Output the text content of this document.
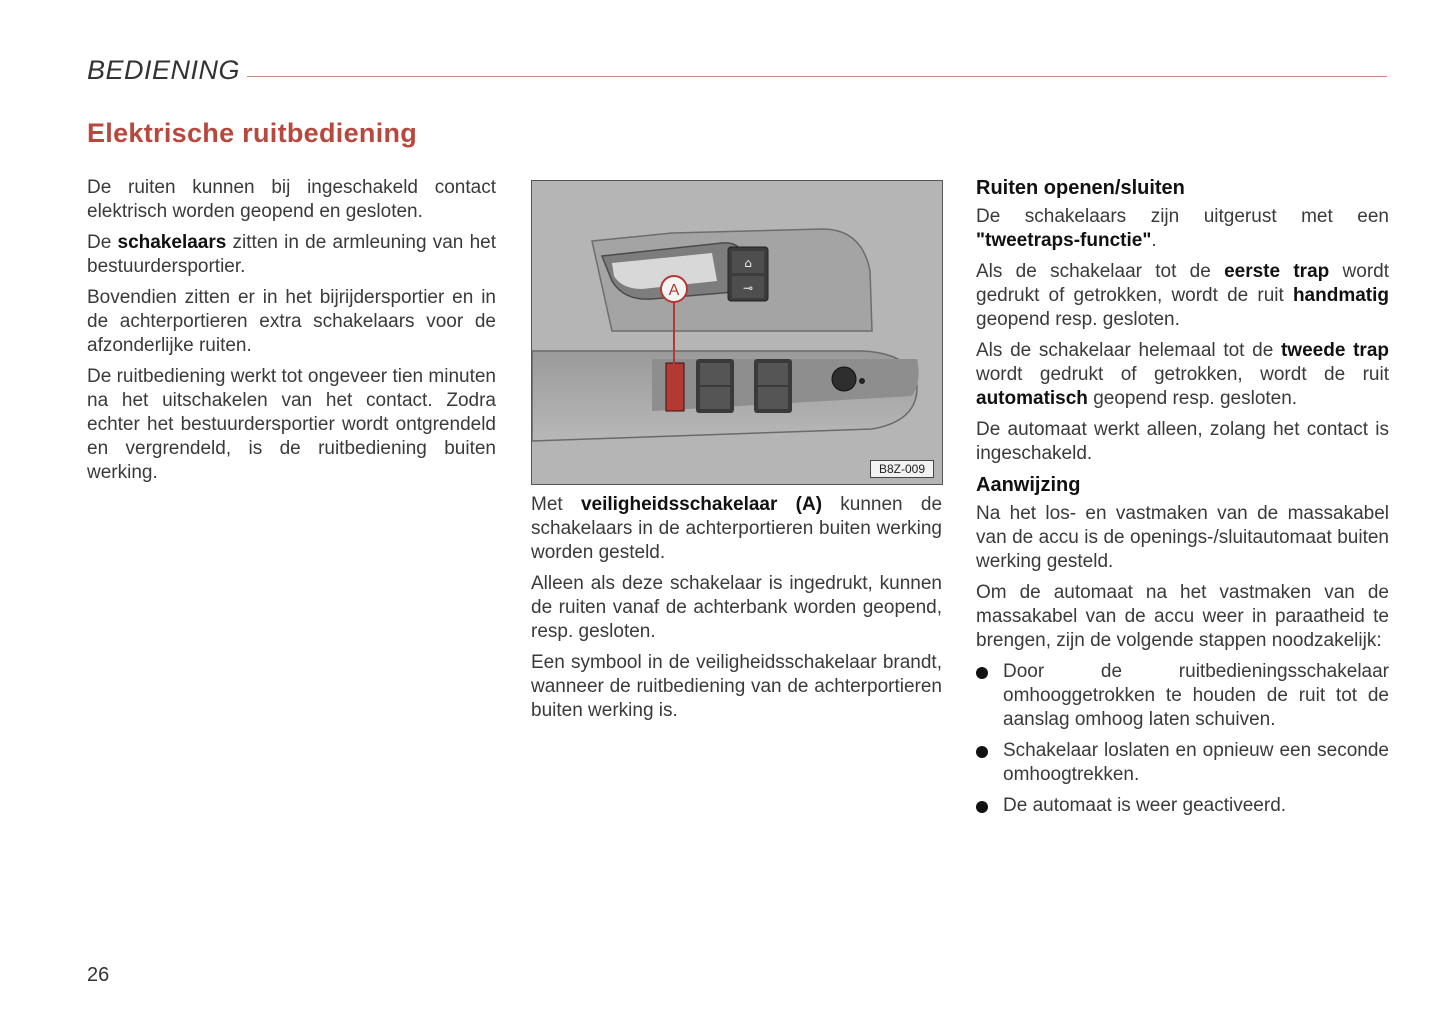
BEDIENING
Elektrische ruitbediening

De ruiten kunnen bij ingeschakeld contact elektrisch worden geopend en gesloten.

De schakelaars zitten in de armleuning van het bestuurdersportier.

Bovendien zitten er in het bijrijdersportier en in de achterportieren extra schakelaars voor de afzonderlijke ruiten.

De ruitbediening werkt tot ongeveer tien minuten na het uitschakelen van het contact. Zodra echter het bestuurdersportier wordt ontgrendeld en vergrendeld, is de ruitbediening buiten werking.

⌂
⊸
A
B8Z-009

Met veiligheidsschakelaar (A) kunnen de schakelaars in de achterportieren buiten werking worden gesteld.

Alleen als deze schakelaar is ingedrukt, kunnen de ruiten vanaf de achterbank worden geopend, resp. gesloten.

Een symbool in de veiligheidsschakelaar brandt, wanneer de ruitbediening van de achterportieren buiten werking is.

Ruiten openen/sluiten

De schakelaars zijn uitgerust met een "tweetraps-functie".

Als de schakelaar tot de eerste trap wordt gedrukt of getrokken, wordt de ruit handmatig geopend resp. gesloten.

Als de schakelaar helemaal tot de tweede trap wordt gedrukt of getrokken, wordt de ruit automatisch geopend resp. gesloten.

De automaat werkt alleen, zolang het contact is ingeschakeld.

Aanwijzing

Na het los- en vastmaken van de massakabel van de accu is de openings-/sluitautomaat buiten werking gesteld.

Om de automaat na het vastmaken van de massakabel van de accu weer in paraatheid te brengen, zijn de volgende stappen noodzakelijk:

Door de ruitbedieningsschakelaar omhooggetrokken te houden de ruit tot de aanslag omhoog laten schuiven.

Schakelaar loslaten en opnieuw een seconde omhoogtrekken.

De automaat is weer geactiveerd.

26
